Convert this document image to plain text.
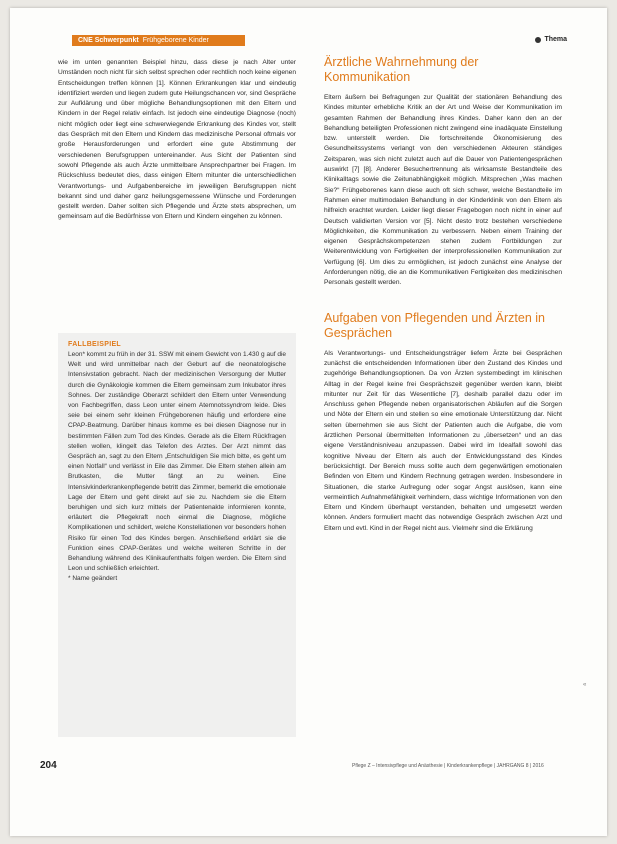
CNE Schwerpunkt Frühgeborene Kinder	Thema

wie im unten genannten Beispiel hinzu, dass diese je nach Alter unter Umständen noch nicht für sich selbst sprechen oder rechtlich noch keine eigenen Entscheidungen treffen können [1]. Können Erkrankungen klar und eindeutig identifiziert werden und liegen zudem gute Heilungschancen vor, sind Gespräche zur Aufklärung und über mögliche Behandlungsoptionen mit den Eltern und Kindern in der Regel relativ einfach. Ist jedoch eine eindeutige Diagnose (noch) nicht möglich oder liegt eine schwerwiegende Erkrankung des Kindes vor, stellt das Gespräch mit den Eltern und Kindern das medizinische Personal oftmals vor große Herausforderungen und erfordert eine gute Abstimmung der verschiedenen Berufsgruppen untereinander. Aus Sicht der Patienten sind sowohl Pflegende als auch Ärzte unmittelbare Ansprechpartner bei Fragen. Im Rückschluss bedeutet dies, dass einigen Eltern mitunter die unterschiedlichen Verantwortungs- und Aufgabenbereiche im jeweiligen Berufsgruppen nicht bekannt sind und daher ganz heilungsgemessene Wünsche und Forderungen gestellt werden. Daher sollten sich Pflegende und Ärzte stets absprechen, um gemeinsam auf die Bedürfnisse von Eltern und Kindern eingehen zu können.

FALLBEISPIEL

Leon* kommt zu früh in der 31. SSW mit einem Gewicht von 1.430 g auf die Welt und wird unmittelbar nach der Geburt auf die neonatologische Intensivstation gebracht. Nach der medizinischen Versorgung der Mutter durch die Gynäkologie kommen die Eltern gemeinsam zum Inkubator ihres Sohnes. Der zuständige Oberarzt schildert den Eltern unter Verwendung von Fachbegriffen, dass Leon unter einem Atemnotssyndrom leide. Dies seie bei einem sehr kleinen Frühgeborenen häufig und erfordere eine CPAP-Beatmung. Darüber hinaus komme es bei diesen Diagnose nur in bestimmten Fällen zum Tod des Kindes. Gerade als die Eltern Rückfragen stellen wollen, klingelt das Telefon des Arztes. Der Arzt nimmt das Gespräch an, sagt zu den Eltern „Entschuldigen Sie mich bitte, es geht um einen Notfall“ und verlässt in Eile das Zimmer. Die Eltern stehen allein am Brutkasten, die Mutter fängt an zu weinen. Eine Intensivkinderkrankenpflegende betritt das Zimmer, bemerkt die emotionale Lage der Eltern und geht direkt auf sie zu. Nachdem sie die Eltern beruhigen und sich kurz mittels der Patientenakte informieren konnte, erläutert die Pflegekraft noch einmal die Diagnose, mögliche Komplikationen und schildert, welche Konstellationen vor besonders hohen Risiko für einen Tod des Kindes bergen. Anschließend erklärt sie die Funktion eines CPAP-Gerätes und welche weiteren Schritte in der Behandlung während des Klinikaufenthalts folgen werden. Die Eltern sind Leon und schließlich erleichtert.

* Name geändert
Ärztliche Wahrnehmung der Kommunikation

Eltern äußern bei Befragungen zur Qualität der stationären Behandlung des Kindes mitunter erhebliche Kritik an der Art und Weise der Kommunikation im gesamten Rahmen der Behandlung ihres Kindes. Daher kann den an der Behandlung beteiligten Professionen nicht zwingend eine inadäquate Einstellung bzw. unterstellt werden. Die fortschreitende Ökonomisierung des Gesundheitssystems verlangt von den verschiedenen Akteuren ständiges Zeitsparen, was sich nicht zuletzt auch auf die Dauer von Patientengesprächen auswirkt [7] [8]. Anderer Besuchertrennung als wirksamste Bestandteile des Klinikalltags sowie die Zeitunabhängigkeit möglich. Mitsprechen „Was machen Sie?“ Frühgeborenes kann diese auch oft sich schwer, welche Bestandteile im Rahmen einer multimodalen Behandlung in der Kinderklinik von den Eltern als hilfreich erachtet wurden. Leider liegt dieser Fragebogen noch nicht in einer auf Deutsch validierten Version vor [5]. Nicht desto trotz bestehen verschiedene Möglichkeiten, die Kommunikation zu verbessern. Neben einem Training der eigenen Gesprächskompetenzen stehen zudem Fortbildungen zur Weiterentwicklung von Fertigkeiten der interprofessionellen Kommunikation zur Verfügung [6]. Um dies zu ermöglichen, ist jedoch zunächst eine Analyse der Anforderungen nötig, die an die Kommunikativen Fertigkeiten des medizinischen Personals gestellt werden.

Aufgaben von Pflegenden und Ärzten in Gesprächen

Als Verantwortungs- und Entscheidungsträger liefern Ärzte bei Gesprächen zunächst die entscheidenden Informationen über den Zustand des Kindes und zugehörige Behandlungsoptionen. Da von Ärzten systembedingt im klinischen Alltag in der Regel keine frei Gesprächszeit gegenüber werden kann, bleibt mitunter nur Zeit für das Wesentliche [7], deshalb parallel dazu oder im Anschluss gehen Pflegende neben organisatorischen Abläufen auf die Sorgen und Nöte der Eltern ein und stellen so eine emotionale Unterstützung dar. Nicht selten übernehmen sie aus Sicht der Patienten auch die Aufgabe, die vom ärztlichen Personal übermittelten Informationen zu „übersetzen“ und an das eigene Verständnisniveau anzupassen. Dabei wird im Idealfall sowohl das kognitive Niveau der Eltern als auch der Entwicklungsstand des Kindes berücksichtigt. Der Bereich muss sollte auch dem gegenwärtigen emotionalen Befinden von Eltern und Kindern Rechnung getragen werden. Insbesondere in Situationen, die starke Aufregung oder sogar Angst auslösen, kann eine vermeintlich Aufnahmefähigkeit verhindern, dass wichtige Informationen von den Eltern und Kindern überhaupt verstanden, behalten und umgesetzt werden können. Anders formuliert macht das notwendige Gespräch zwischen Arzt und Eltern und evtl. Kind in der Regel nicht aus. Vielmehr sind die Erklärung

204	Pflege Z – Intensivpflege und Anästhesie | Kinderkrankenpflege | JAHRGANG 8 | 2016
«
